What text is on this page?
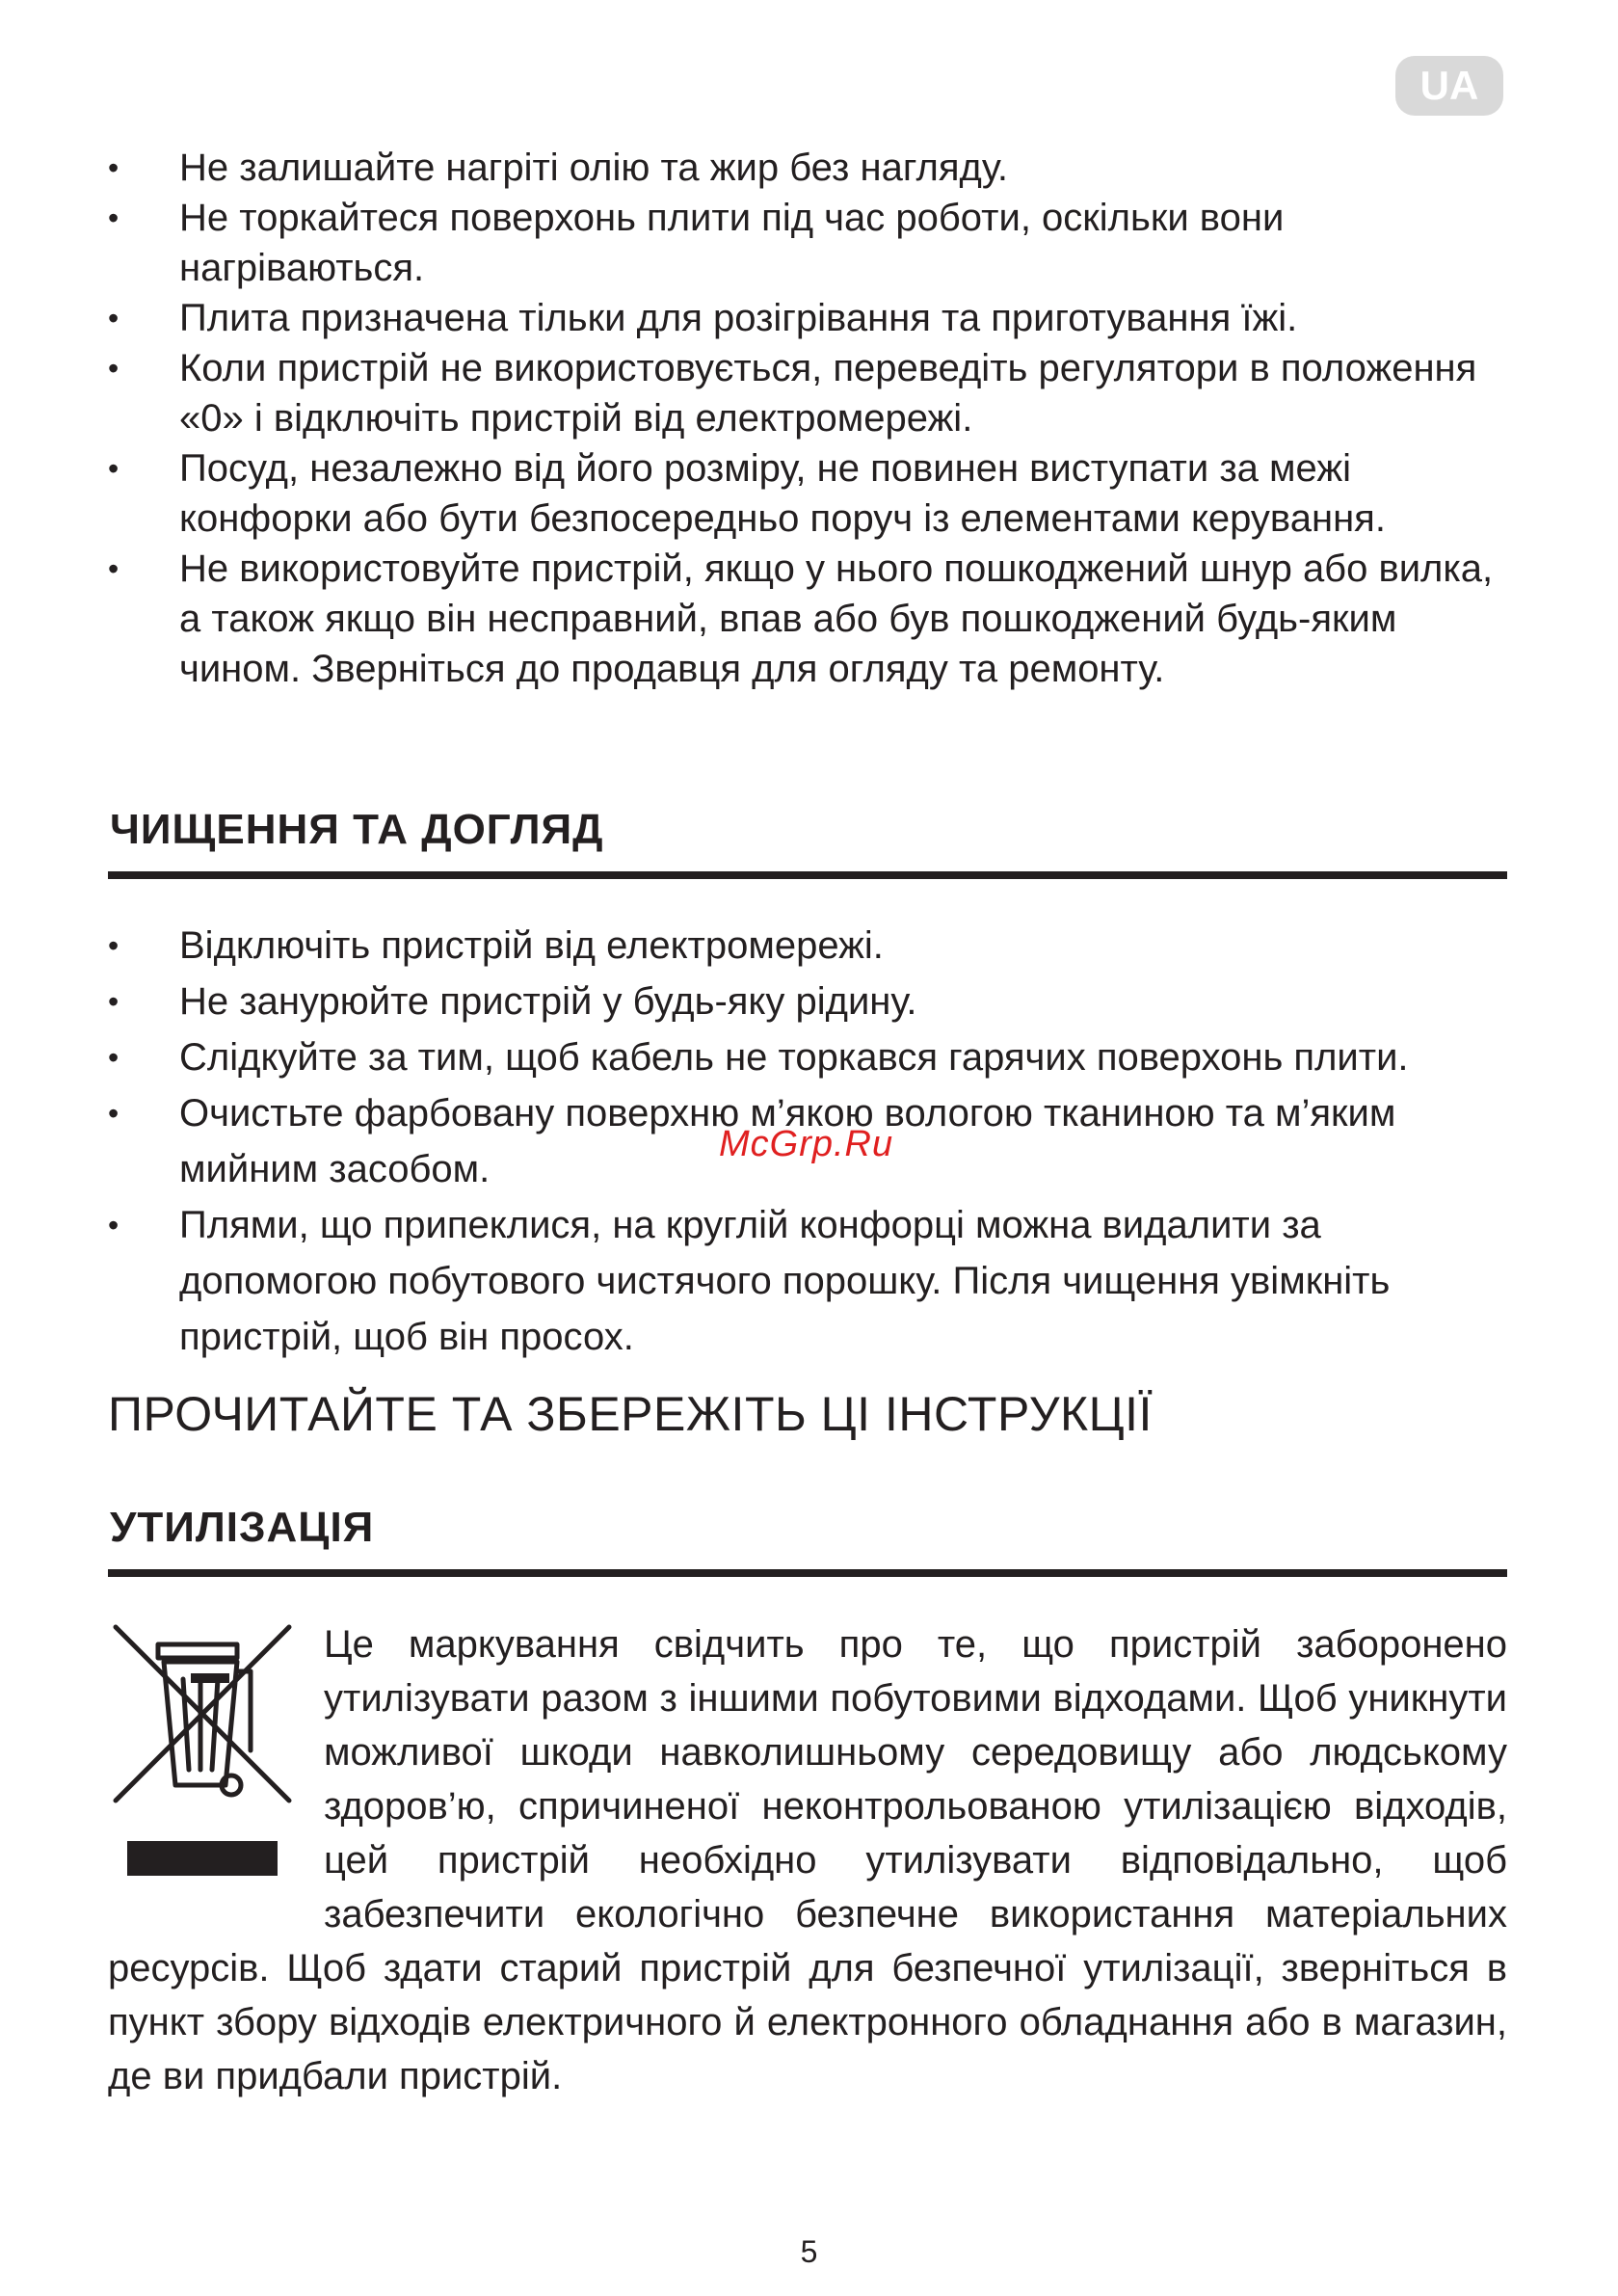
UA
• Не залишайте нагріті олію та жир без нагляду.
• Не торкайтеся поверхонь плити під час роботи, оскільки вони нагріваються.
• Плита призначена тільки для розігрівання та приготування їжі.
• Коли пристрій не використовується, переведіть регулятори в положення «0» і відключіть пристрій від електромережі.
• Посуд, незалежно від його розміру, не повинен виступати за межі конфорки або бути безпосередньо поруч із елементами керування.
• Не використовуйте пристрій, якщо у нього пошкоджений шнур або вилка, а також якщо він несправний, впав або був пошкоджений будь-яким чином. Зверніться до продавця для огляду та ремонту.
ЧИЩЕННЯ ТА ДОГЛЯД
• Відключіть пристрій від електромережі.
• Не занурюйте пристрій у будь-яку рідину.
• Слідкуйте за тим, щоб кабель не торкався гарячих поверхонь плити.
• Очистьте фарбовану поверхню м’якою вологою тканиною та м’яким мийним засобом.
• Плями, що припеклися, на круглій конфорці можна видалити за допомогою побутового чистячого порошку. Після чищення увімкніть пристрій, щоб він просох.
McGrp.Ru
ПРОЧИТАЙТЕ ТА ЗБЕРЕЖІТЬ ЦІ ІНСТРУКЦІЇ
УТИЛІЗАЦІЯ

Це маркування свідчить про те, що пристрій заборонено утилізувати разом з іншими побутовими відходами. Щоб уникнути можливої шкоди навколишньому середовищу або людському здоров’ю, спричиненої неконтрольованою утилізацією відходів, цей пристрій необхідно утилізувати відповідально, щоб забезпечити екологічно безпечне використання матеріальних ресурсів. Щоб здати старий пристрій для безпечної утилізації, зверніться в пункт збору відходів електричного й електронного обладнання або в магазин, де ви придбали пристрій.

5
